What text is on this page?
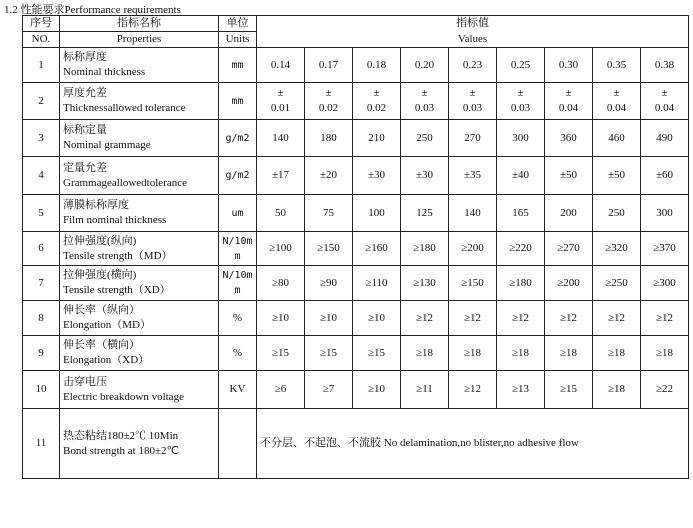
1.2 性能要求Performance requirements
序号	指标名称	单位	指标值								
NO.	Properties	Units	Values								
1	标称厚度
Nominal thickness	mm	0.14	0.17	0.18	0.20	0.23	0.25	0.30	0.35	0.38

2	厚度允差
Thicknessallowed tolerance	mm	±
0.01	±
0.02	±
0.02	±
0.03	±
0.03	±
0.03	±
0.04	±
0.04	±
0.04

3	标称定量
Nominal grammage	g/m2	140	180	210	250	270	300	360	460	490

4	定量允差
Grammageallowedtolerance	g/m2	±17	±20	±30	±30	±35	±40	±50	±50	±60

5	薄膜标称厚度
Film nominal thickness	um	50	75	100	125	140	165	200	250	300

6	拉伸强度(纵向)
Tensile strength（MD）	N/10mm	≥100	≥150	≥160	≥180	≥200	≥220	≥270	≥320	≥370

7	拉伸强度(横向)
Tensile strength（XD）	N/10mm	≥80	≥90	≥110	≥130	≥150	≥180	≥200	≥250	≥300

8	伸长率（纵向）
Elongation（MD）	%	≥10	≥10	≥10	≥12	≥12	≥12	≥12	≥12	≥12

9	伸长率（横向）
Elongation（XD）	%	≥15	≥15	≥15	≥18	≥18	≥18	≥18	≥18	≥18

10	击穿电压
Electric breakdown voltage	KV	≥6	≥7	≥10	≥11	≥12	≥13	≥15	≥18	≥22

11	热态粘结180±2℃ 10Min
Bond strength at 180±2℃		不分层、不起泡、不流胶 No delamination,no blister,no adhesive flow								
